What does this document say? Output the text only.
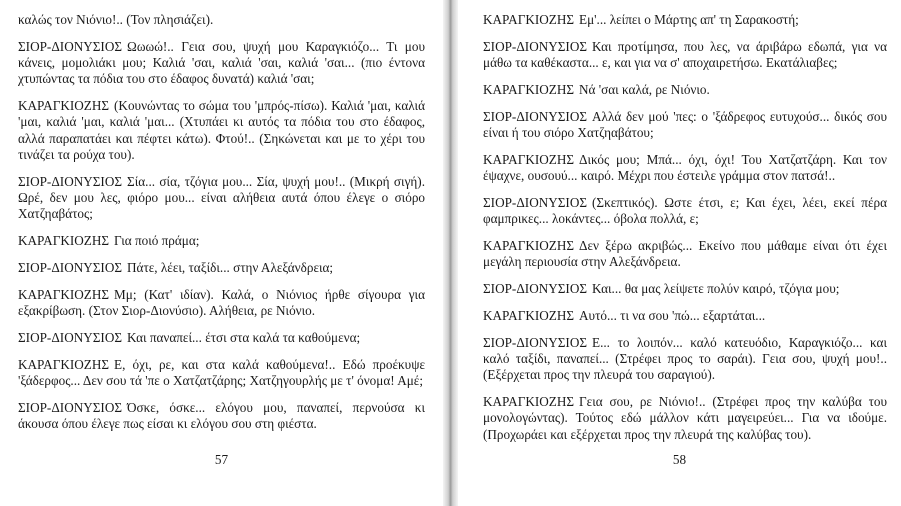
καλώς τον Νιόνιο!.. (Τον πλησιάζει).

ΣΙΟΡ-ΔΙΟΝΥΣΙΟΣ Ωωωώ!.. Γεια σου, ψυχή μου Καραγκιόζο... Τι μου κάνεις, μομολιάκι μου; Καλιά 'σαι, καλιά 'σαι, καλιά 'σαι... (πιο έντονα χτυπώντας τα πόδια του στο έδαφος δυνατά) καλιά 'σαι;

ΚΑΡΑΓΚΙΟΖΗΣ (Κουνώντας το σώμα του 'μπρός-πίσω). Καλιά 'μαι, καλιά 'μαι, καλιά 'μαι, καλιά 'μαι... (Χτυπάει κι αυτός τα πόδια του στο έδαφος, αλλά παραπατάει και πέφτει κάτω). Φτού!.. (Σηκώνεται και με το χέρι του τινάζει τα ρούχα του).

ΣΙΟΡ-ΔΙΟΝΥΣΙΟΣ Σία... σία, τζόγια μου... Σία, ψυχή μου!.. (Μικρή σιγή). Ωρέ, δεν μου λες, φιόρο μου... είναι αλήθεια αυτά όπου έλεγε ο σιόρο Χατζηαβάτος;

ΚΑΡΑΓΚΙΟΖΗΣ Για ποιό πράμα;

ΣΙΟΡ-ΔΙΟΝΥΣΙΟΣ Πάτε, λέει, ταξίδι... στην Αλεξάνδρεια;

ΚΑΡΑΓΚΙΟΖΗΣ Μμ; (Κατ' ιδίαν). Καλά, ο Νιόνιος ήρθε σίγουρα για εξακρίβωση. (Στον Σιορ-Διονύσιο). Αλήθεια, ρε Νιόνιο.

ΣΙΟΡ-ΔΙΟΝΥΣΙΟΣ Και παναπεί... έτσι στα καλά τα καθούμενα;

ΚΑΡΑΓΚΙΟΖΗΣ Ε, όχι, ρε, και στα καλά καθούμενα!.. Εδώ προέκυψε 'ξάδερφος... Δεν σου τά 'πε ο Χατζατζάρης; Χατζηγουρλής με τ' όνομα! Αμέ;

ΣΙΟΡ-ΔΙΟΝΥΣΙΟΣ Όσκε, όσκε... ελόγου μου, παναπεί, περνούσα κι άκουσα όπου έλεγε πως είσαι κι ελόγου σου στη φιέστα.

57

ΚΑΡΑΓΚΙΟΖΗΣ Εμ'... λείπει ο Μάρτης απ' τη Σαρακοστή;

ΣΙΟΡ-ΔΙΟΝΥΣΙΟΣ Και προτίμησα, που λες, να άριβάρω εδωπά, για να μάθω τα καθέκαστα... ε, και για να σ' αποχαιρετήσω. Εκατάλιαβες;

ΚΑΡΑΓΚΙΟΖΗΣ Νά 'σαι καλά, ρε Νιόνιο.

ΣΙΟΡ-ΔΙΟΝΥΣΙΟΣ Αλλά δεν μού 'πες: ο 'ξάδρεφος ευτυχούσ... δικός σου είναι ή του σιόρο Χατζηαβάτου;

ΚΑΡΑΓΚΙΟΖΗΣ Δικός μου; Μπά... όχι, όχι! Του Χατζατζάρη. Και τον έψαχνε, ουσουύ... καιρό. Μέχρι που έστειλε γράμμα στον πατσά!..

ΣΙΟΡ-ΔΙΟΝΥΣΙΟΣ (Σκεπτικός). Ωστε έτσι, ε; Και έχει, λέει, εκεί πέρα φαμπρικες... λοκάντες... όβολα πολλά, ε;

ΚΑΡΑΓΚΙΟΖΗΣ Δεν ξέρω ακριβώς... Εκείνο που μάθαμε είναι ότι έχει μεγάλη περιουσία στην Αλεξάνδρεια.

ΣΙΟΡ-ΔΙΟΝΥΣΙΟΣ Και... θα μας λείψετε πολύν καιρό, τζόγια μου;

ΚΑΡΑΓΚΙΟΖΗΣ Αυτό... τι να σου 'πώ... εξαρτάται...

ΣΙΟΡ-ΔΙΟΝΥΣΙΟΣ Ε... το λοιπόν... καλό κατευόδιο, Καραγκιόζο... και καλό ταξίδι, παναπεί... (Στρέφει προς το σαράι). Γεια σου, ψυχή μου!.. (Εξέρχεται προς την πλευρά του σαραγιού).

ΚΑΡΑΓΚΙΟΖΗΣ Γεια σου, ρε Νιόνιο!.. (Στρέφει προς την καλύβα του μονολογώντας). Τούτος εδώ μάλλον κάτι μαγειρεύει... Για να ιδούμε. (Προχωράει και εξέρχεται προς την πλευρά της καλύβας του).

58
